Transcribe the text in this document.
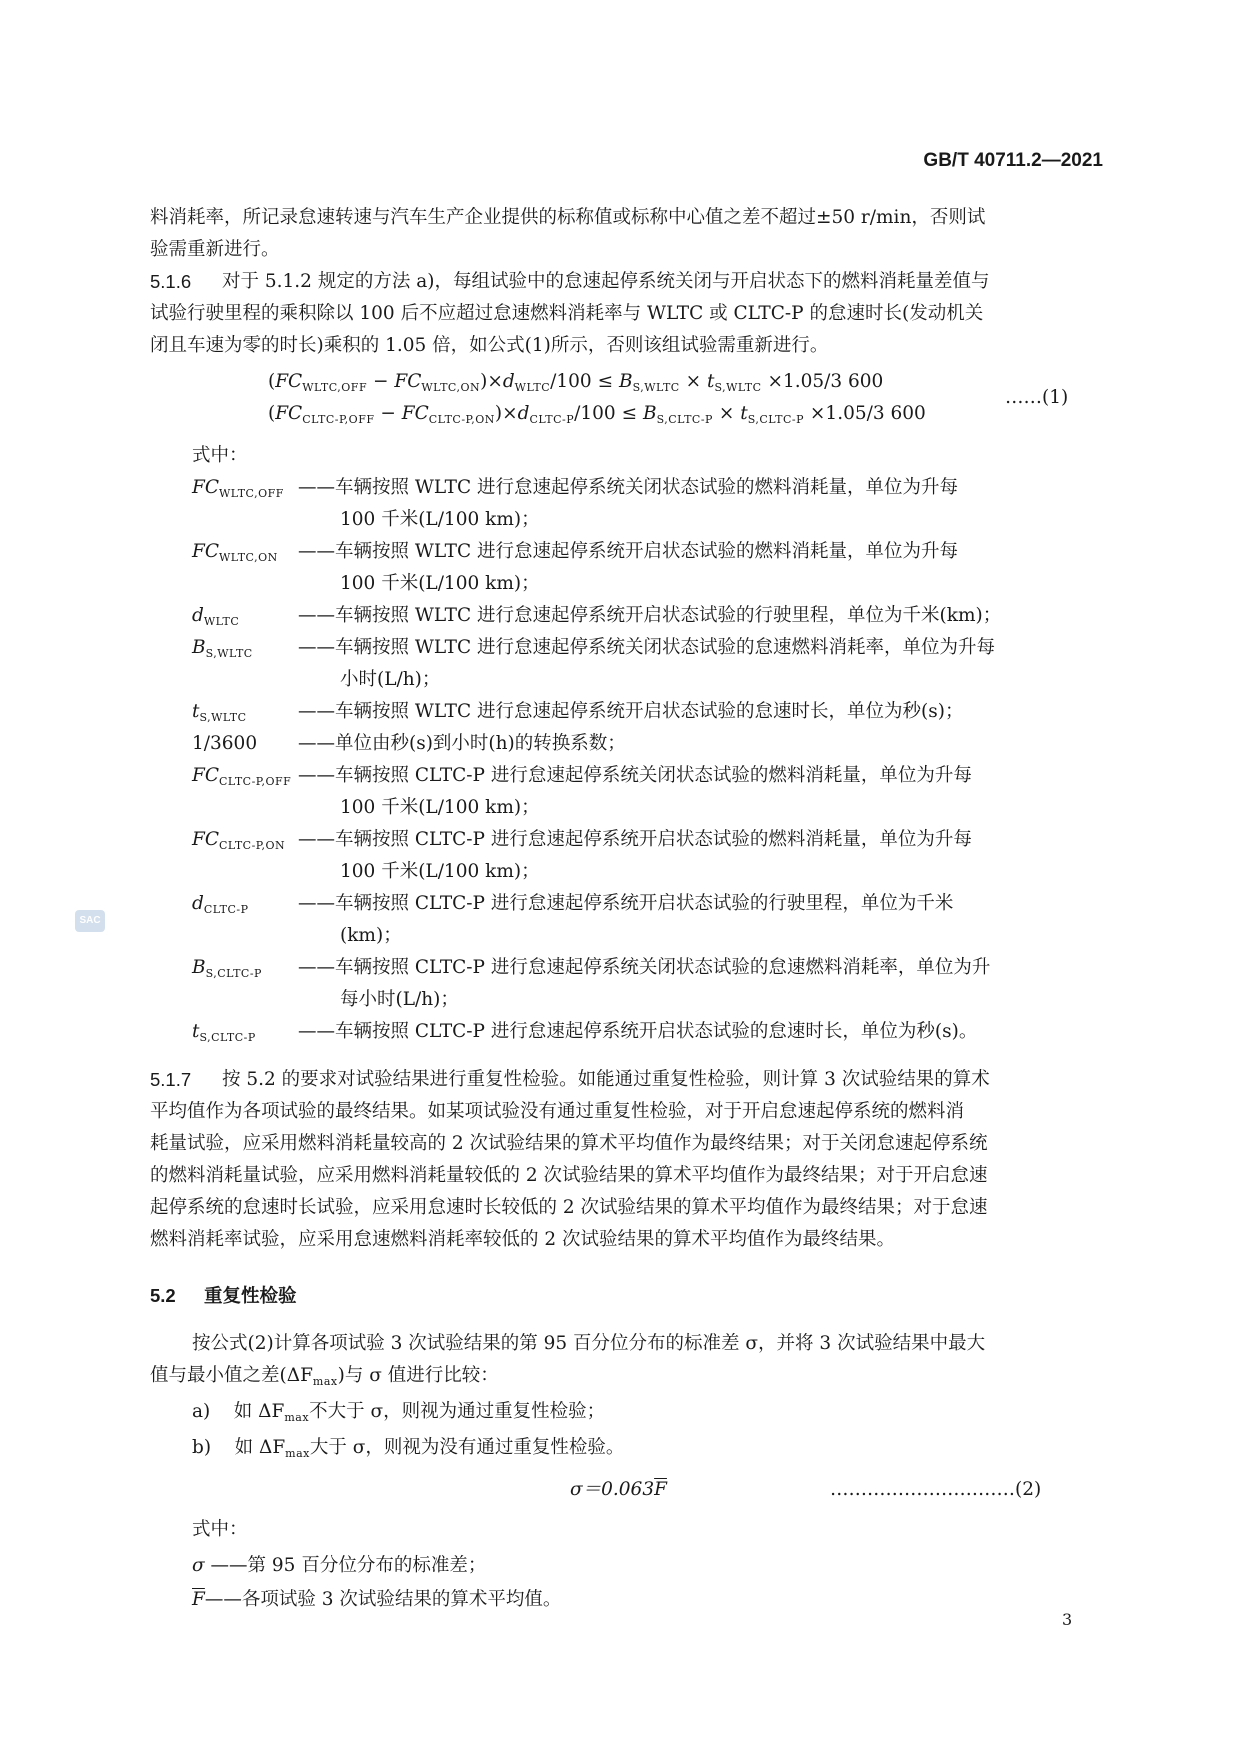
GB/T 40711.2—2021
料消耗率，所记录怠速转速与汽车生产企业提供的标称值或标称中心值之差不超过±50 r/min，否则试
验需重新进行。
5.1.6 对于 5.1.2 规定的方法 a)，每组试验中的怠速起停系统关闭与开启状态下的燃料消耗量差值与
试验行驶里程的乘积除以 100 后不应超过怠速燃料消耗率与 WLTC 或 CLTC-P 的怠速时长(发动机关
闭且车速为零的时长)乘积的 1.05 倍，如公式(1)所示，否则该组试验需重新进行。
$(FC_{WLTC,OFF} - FC_{WLTC,ON})\times d_{WLTC}/100 \le B_{S,WLTC} \times t_{S,WLTC} \times 1.05/3$ 600
$(FC_{CLTC-P,OFF} - FC_{CLTC-P,ON})\times d_{CLTC-P}/100 \le B_{S,CLTC-P} \times t_{S,CLTC-P} \times 1.05/3$ 600
……(1)
式中：
$FC_{WLTC,OFF}$ ——车辆按照 WLTC 进行怠速起停系统关闭状态试验的燃料消耗量，单位为升每
100 千米(L/100 km)；
$FC_{WLTC,ON}$ ——车辆按照 WLTC 进行怠速起停系统开启状态试验的燃料消耗量，单位为升每
100 千米(L/100 km)；
$d_{WLTC}$	——车辆按照 WLTC 进行怠速起停系统开启状态试验的行驶里程，单位为千米(km)；
$B_{S,WLTC}$ ——车辆按照 WLTC 进行怠速起停系统关闭状态试验的怠速燃料消耗率，单位为升每
小时(L/h)；
$t_{S,WLTC}$	——车辆按照 WLTC 进行怠速起停系统开启状态试验的怠速时长，单位为秒(s)；
1/3600 ——单位由秒(s)到小时(h)的转换系数；
$FC_{CLTC-P,OFF}$ ——车辆按照 CLTC-P 进行怠速起停系统关闭状态试验的燃料消耗量，单位为升每
100 千米(L/100 km)；
$FC_{CLTC-P,ON}$ ——车辆按照 CLTC-P 进行怠速起停系统开启状态试验的燃料消耗量，单位为升每
100 千米(L/100 km)；
$d_{CLTC-P}$	——车辆按照 CLTC-P 进行怠速起停系统开启状态试验的行驶里程，单位为千米
(km)；
$B_{S,CLTC-P}$ ——车辆按照 CLTC-P 进行怠速起停系统关闭状态试验的怠速燃料消耗率，单位为升
每小时(L/h)；
$t_{S,CLTC-P}$ ——车辆按照 CLTC-P 进行怠速起停系统开启状态试验的怠速时长，单位为秒(s)。
5.1.7 按 5.2 的要求对试验结果进行重复性检验。如能通过重复性检验，则计算 3 次试验结果的算术
平均值作为各项试验的最终结果。如某项试验没有通过重复性检验，对于开启怠速起停系统的燃料消
耗量试验，应采用燃料消耗量较高的 2 次试验结果的算术平均值作为最终结果；对于关闭怠速起停系统
的燃料消耗量试验，应采用燃料消耗量较低的 2 次试验结果的算术平均值作为最终结果；对于开启怠速
起停系统的怠速时长试验，应采用怠速时长较低的 2 次试验结果的算术平均值作为最终结果；对于怠速
燃料消耗率试验，应采用怠速燃料消耗率较低的 2 次试验结果的算术平均值作为最终结果。
5.2 重复性检验
按公式(2)计算各项试验 3 次试验结果的第 95 百分位分布的标准差 σ，并将 3 次试验结果中最大
值与最小值之差$(\Delta F_{max})$与 σ 值进行比较：
a) 如 $\Delta F_{max}$不大于 σ，则视为通过重复性检验；
b) 如 $\Delta F_{max}$大于 σ，则视为没有通过重复性检验。
$\sigma=0.063\overline{F}$	…………………………(2)
式中：
σ ——第 95 百分位分布的标准差；
$\overline{F}——$各项试验 3 次试验结果的算术平均值。
3
SAC
